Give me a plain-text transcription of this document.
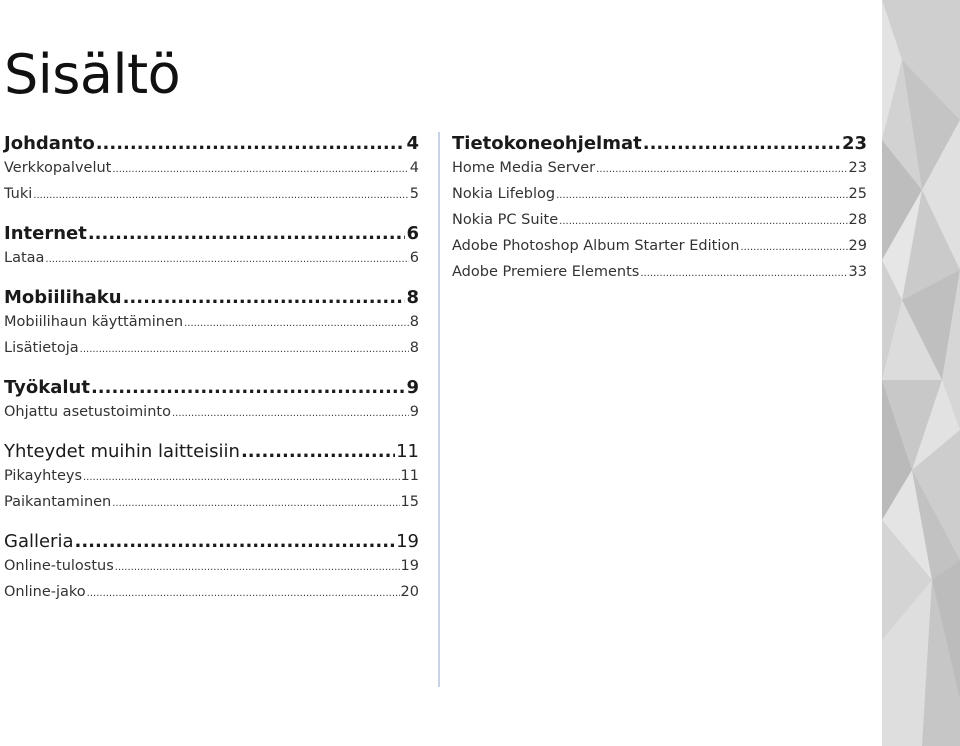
Sisältö
Johdanto .....	4
Verkkopalvelut .....	4
Tuki .....	5
Internet .....	6
Lataa .....	6
Mobiilihaku .....	8
Mobiilihaun käyttäminen .....	8
Lisätietoja .....	8
Työkalut .....	9
Ohjattu asetustoiminto .....	9
Yhteydet muihin laitteisiin .....	11
Pikayhteys .....	11
Paikantaminen .....	15
Galleria .....	19
Online-tulostus .....	19
Online-jako .....	20
Tietokoneohjelmat .....	23
Home Media Server .....	23
Nokia Lifeblog .....	25
Nokia PC Suite .....	28
Adobe Photoshop Album Starter Edition .....	29
Adobe Premiere Elements .....	33
